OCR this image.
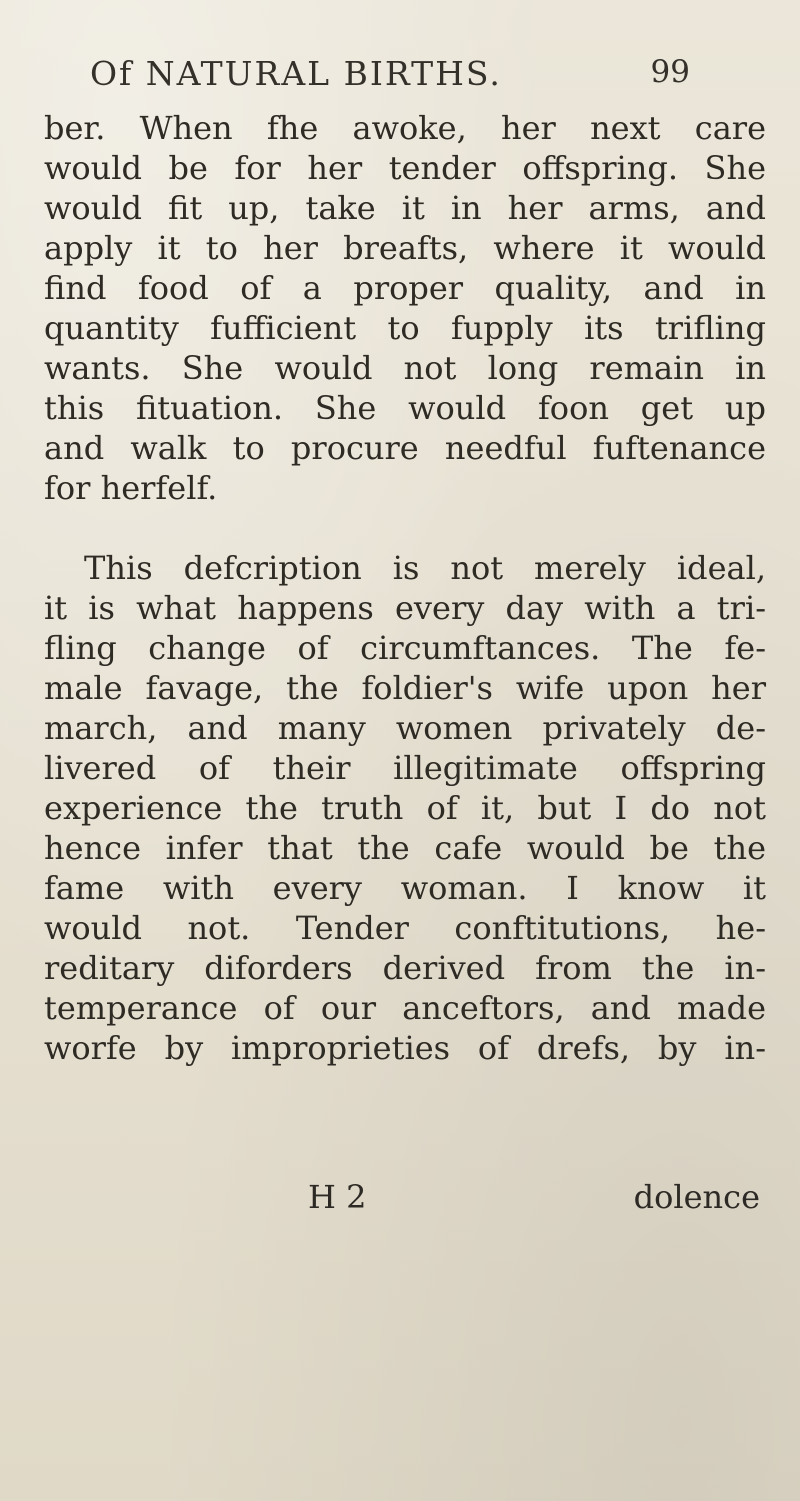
Of NATURAL BIRTHS.	99
ber. When fhe awoke, her next care
would be for her tender offspring. She
would fit up, take it in her arms, and
apply it to her breafts, where it would
find food of a proper quality, and in
quantity fufficient to fupply its trifling
wants. She would not long remain in
this fituation. She would foon get up
and walk to procure needful fuftenance
for herfelf.
This defcription is not merely ideal,
it is what happens every day with a tri-
fling change of circumftances. The fe-
male favage, the foldier's wife upon her
march, and many women privately de-
livered of their illegitimate offspring
experience the truth of it, but I do not
hence infer that the cafe would be the
fame with every woman. I know it
would not. Tender conftitutions, he-
reditary diforders derived from the in-
temperance of our anceftors, and made
worfe by improprieties of drefs, by in-
H 2	dolence
